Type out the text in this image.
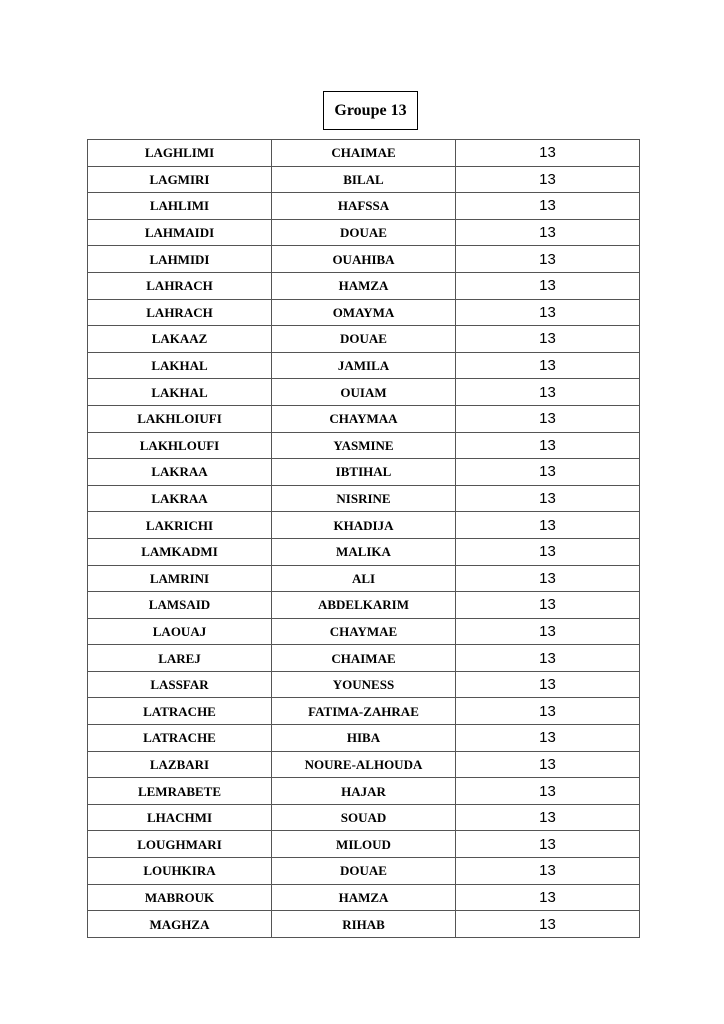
Groupe 13
LAGHLIMI	CHAIMAE	13
LAGMIRI	BILAL	13
LAHLIMI	HAFSSA	13
LAHMAIDI	DOUAE	13
LAHMIDI	OUAHIBA	13
LAHRACH	HAMZA	13
LAHRACH	OMAYMA	13
LAKAAZ	DOUAE	13
LAKHAL	JAMILA	13
LAKHAL	OUIAM	13
LAKHLOIUFI	CHAYMAA	13
LAKHLOUFI	YASMINE	13
LAKRAA	IBTIHAL	13
LAKRAA	NISRINE	13
LAKRICHI	KHADIJA	13
LAMKADMI	MALIKA	13
LAMRINI	ALI	13
LAMSAID	ABDELKARIM	13
LAOUAJ	CHAYMAE	13
LAREJ	CHAIMAE	13
LASSFAR	YOUNESS	13
LATRACHE	FATIMA-ZAHRAE	13
LATRACHE	HIBA	13
LAZBARI	NOURE-ALHOUDA	13
LEMRABETE	HAJAR	13
LHACHMI	SOUAD	13
LOUGHMARI	MILOUD	13
LOUHKIRA	DOUAE	13
MABROUK	HAMZA	13
MAGHZA	RIHAB	13
